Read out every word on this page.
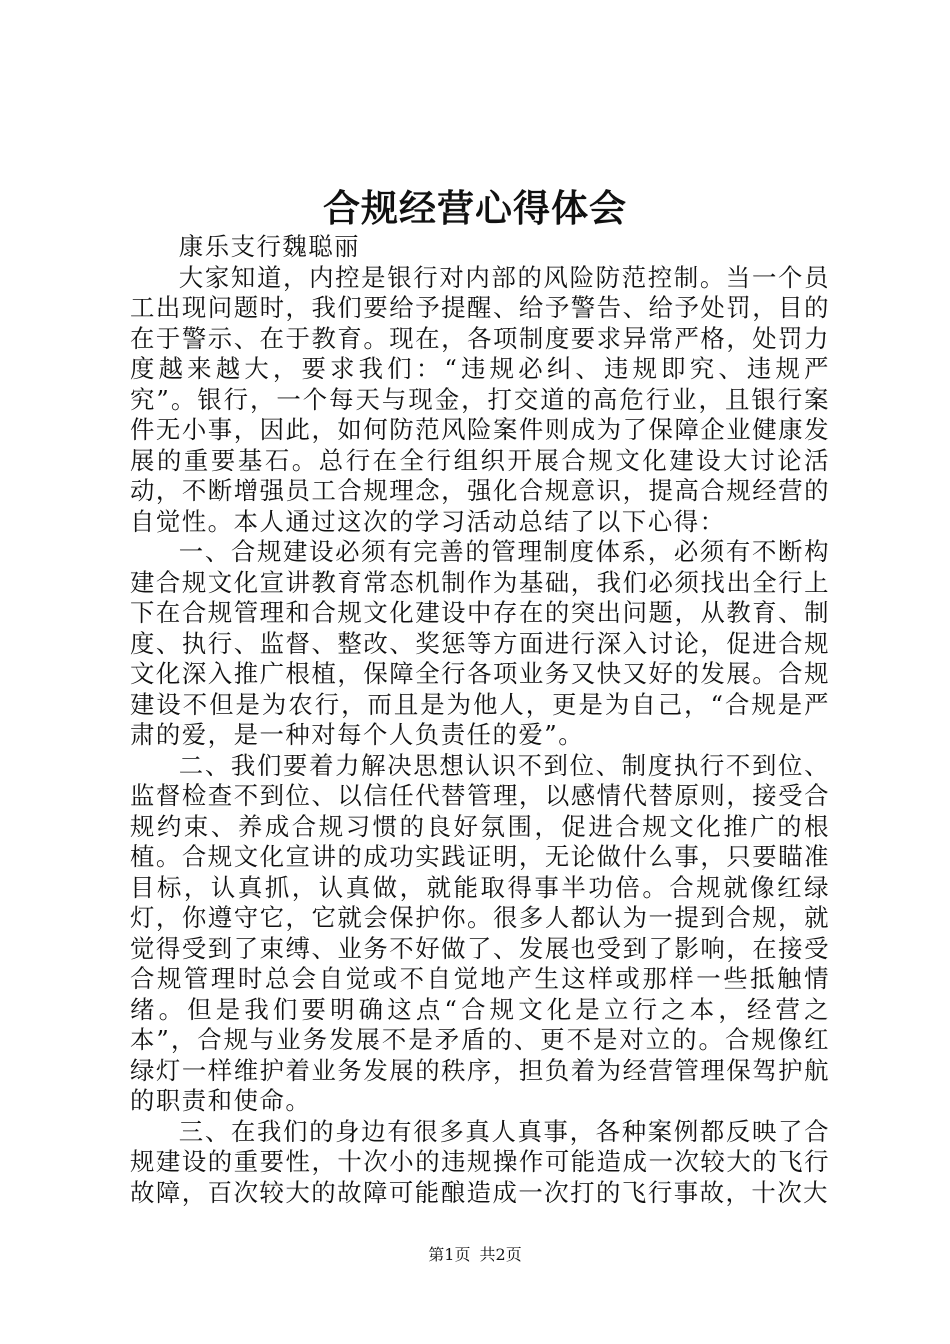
合规经营心得体会

康乐支行魏聪丽

大家知道，内控是银行对内部的风险防范控制。当一个员工出现问题时，我们要给予提醒、给予警告、给予处罚，目的在于警示、在于教育。现在，各项制度要求异常严格，处罚力度越来越大，要求我们：“违规必纠、违规即究、违规严究”。银行，一个每天与现金，打交道的高危行业，且银行案件无小事，因此，如何防范风险案件则成为了保障企业健康发展的重要基石。总行在全行组织开展合规文化建设大讨论活动，不断增强员工合规理念，强化合规意识，提高合规经营的自觉性。本人通过这次的学习活动总结了以下心得：

一、合规建设必须有完善的管理制度体系，必须有不断构建合规文化宣讲教育常态机制作为基础，我们必须找出全行上下在合规管理和合规文化建设中存在的突出问题，从教育、制度、执行、监督、整改、奖惩等方面进行深入讨论，促进合规文化深入推广根植，保障全行各项业务又快又好的发展。合规建设不但是为农行，而且是为他人，更是为自己，“合规是严肃的爱，是一种对每个人负责任的爱”。

二、我们要着力解决思想认识不到位、制度执行不到位、监督检查不到位、以信任代替管理，以感情代替原则，接受合规约束、养成合规习惯的良好氛围，促进合规文化推广的根植。合规文化宣讲的成功实践证明，无论做什么事，只要瞄准目标，认真抓，认真做，就能取得事半功倍。合规就像红绿灯，你遵守它，它就会保护你。很多人都认为一提到合规，就觉得受到了束缚、业务不好做了、发展也受到了影响，在接受合规管理时总会自觉或不自觉地产生这样或那样一些抵触情绪。但是我们要明确这点“合规文化是立行之本，经营之本”，合规与业务发展不是矛盾的、更不是对立的。合规像红绿灯一样维护着业务发展的秩序，担负着为经营管理保驾护航的职责和使命。

三、在我们的身边有很多真人真事，各种案例都反映了合规建设的重要性，十次小的违规操作可能造成一次较大的飞行故障，百次较大的故障可能酿造成一次打的飞行事故，十次大

第1页 共2页
